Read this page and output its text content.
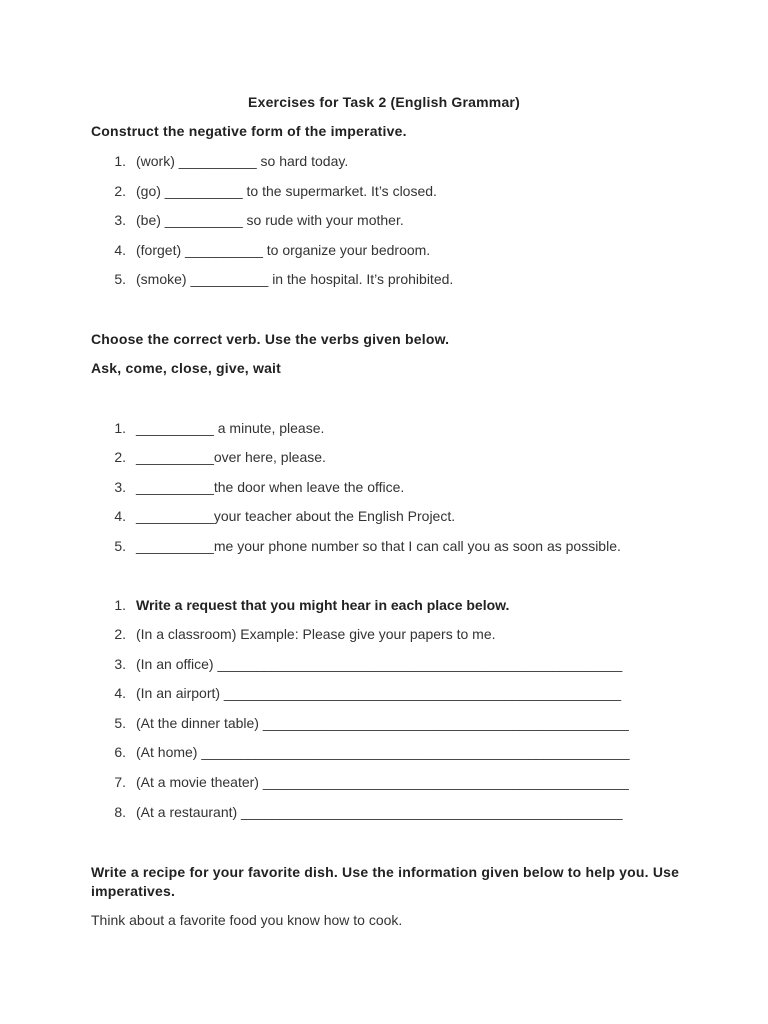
Exercises for Task 2 (English Grammar)
Construct the negative form of the imperative.
1. (work) __________ so hard today.
2. (go) __________ to the supermarket. It’s closed.
3. (be) __________ so rude with your mother.
4. (forget) __________ to organize your bedroom.
5. (smoke) __________ in the hospital. It’s prohibited.
Choose the correct verb. Use the verbs given below.
Ask, come, close, give, wait
1. __________ a minute, please.
2. __________over here, please.
3. __________the door when leave the office.
4. __________your teacher about the English Project.
5. __________me your phone number so that I can call you as soon as possible.
1. Write a request that you might hear in each place below.
2. (In a classroom) Example: Please give your papers to me.
3. (In an office) ____________________________________________________
4. (In an airport) ___________________________________________________
5. (At the dinner table) _______________________________________________
6. (At home) _______________________________________________________
7. (At a movie theater) _______________________________________________
8. (At a restaurant) _________________________________________________
Write a recipe for your favorite dish. Use the information given below to help you. Use imperatives.
Think about a favorite food you know how to cook.
